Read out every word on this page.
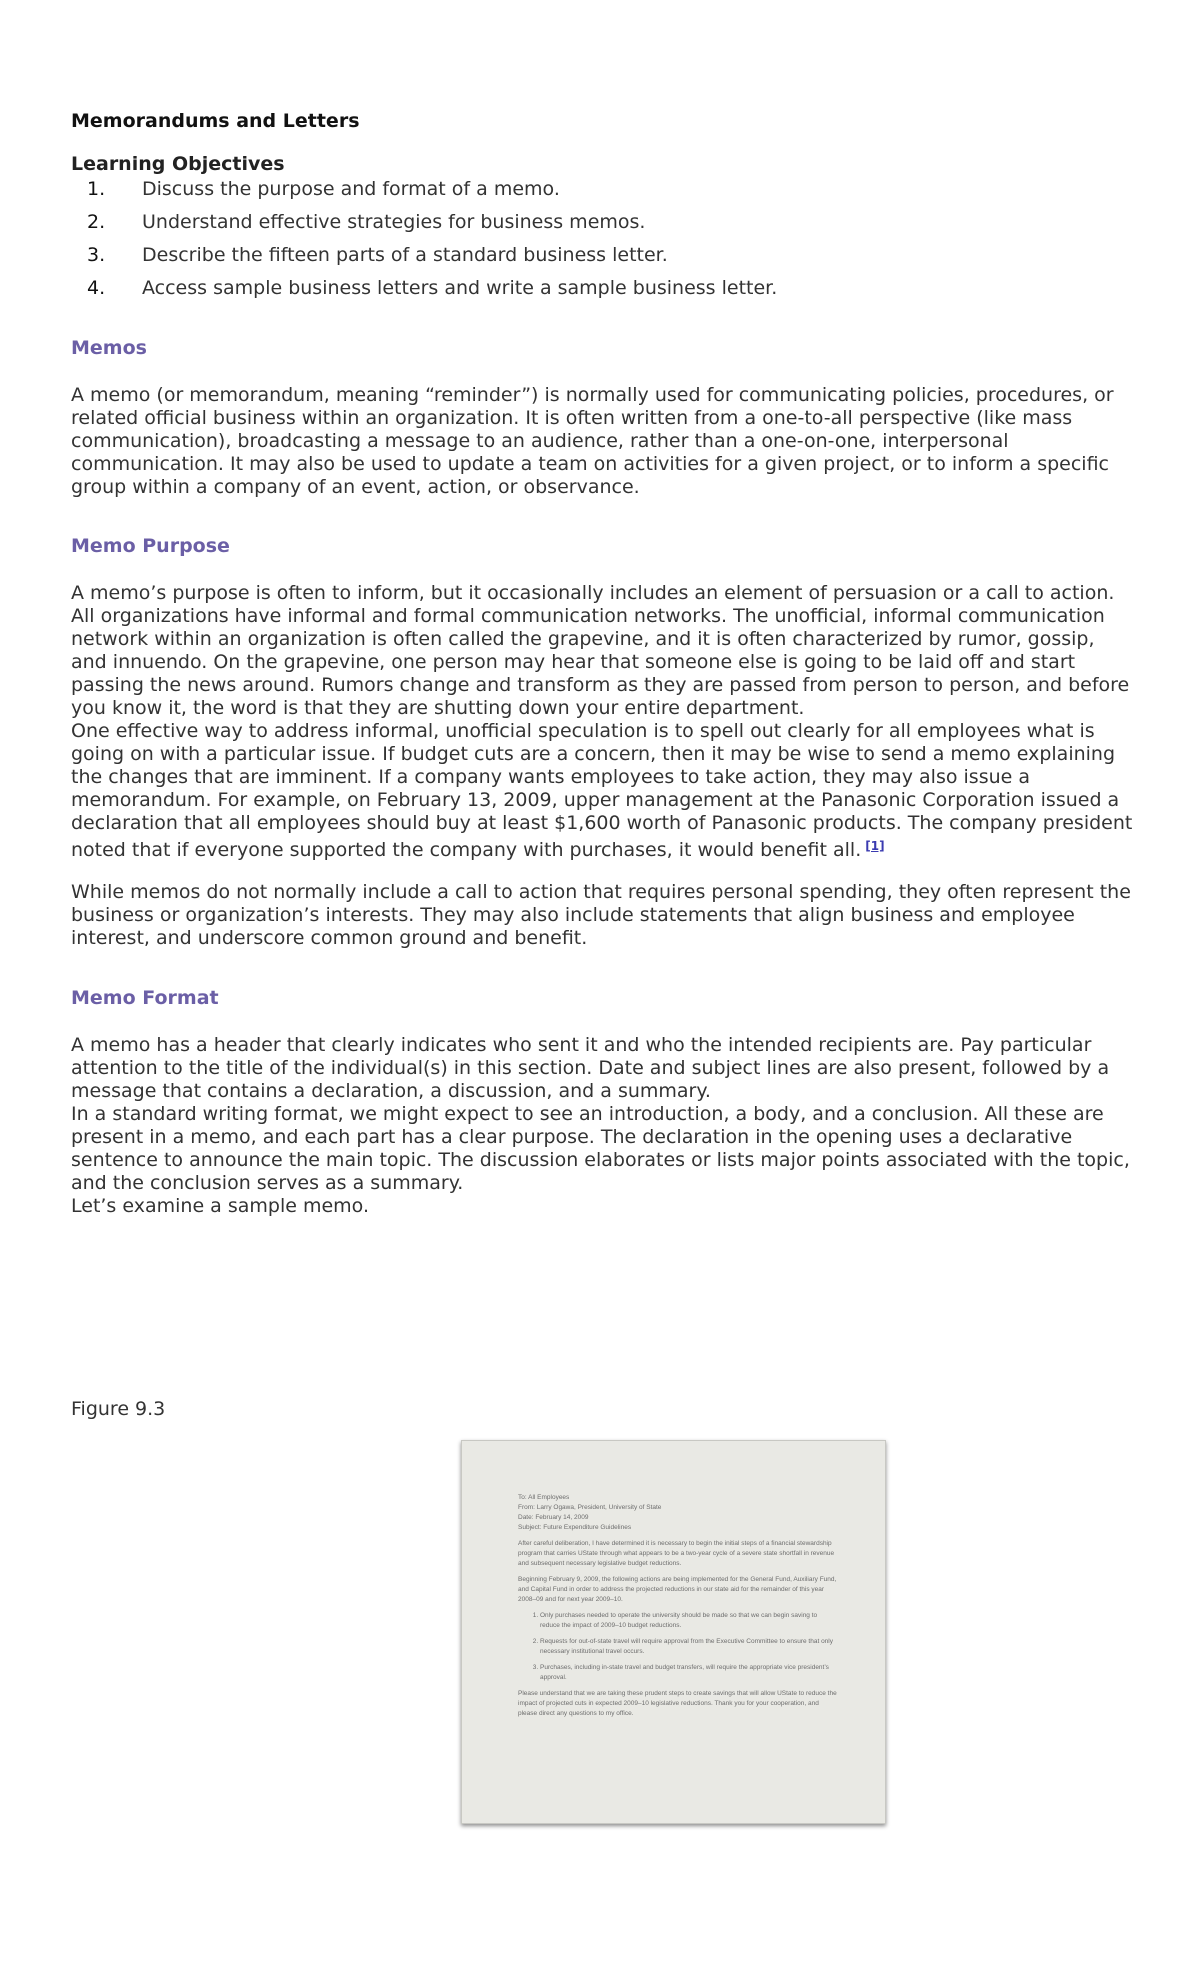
Memorandums and Letters
Learning Objectives
1. Discuss the purpose and format of a memo.
2. Understand effective strategies for business memos.
3. Describe the fifteen parts of a standard business letter.
4. Access sample business letters and write a sample business letter.
Memos

A memo (or memorandum, meaning “reminder”) is normally used for communicating policies, procedures, or related official business within an organization. It is often written from a one-to-all perspective (like mass communication), broadcasting a message to an audience, rather than a one-on-one, interpersonal communication. It may also be used to update a team on activities for a given project, or to inform a specific group within a company of an event, action, or observance.

Memo Purpose

A memo’s purpose is often to inform, but it occasionally includes an element of persuasion or a call to action. All organizations have informal and formal communication networks. The unofficial, informal communication network within an organization is often called the grapevine, and it is often characterized by rumor, gossip, and innuendo. On the grapevine, one person may hear that someone else is going to be laid off and start passing the news around. Rumors change and transform as they are passed from person to person, and before you know it, the word is that they are shutting down your entire department.

One effective way to address informal, unofficial speculation is to spell out clearly for all employees what is going on with a particular issue. If budget cuts are a concern, then it may be wise to send a memo explaining the changes that are imminent. If a company wants employees to take action, they may also issue a memorandum. For example, on February 13, 2009, upper management at the Panasonic Corporation issued a declaration that all employees should buy at least $1,600 worth of Panasonic products. The company president noted that if everyone supported the company with purchases, it would benefit all. [1]

While memos do not normally include a call to action that requires personal spending, they often represent the business or organization’s interests. They may also include statements that align business and employee interest, and underscore common ground and benefit.

Memo Format

A memo has a header that clearly indicates who sent it and who the intended recipients are. Pay particular attention to the title of the individual(s) in this section. Date and subject lines are also present, followed by a message that contains a declaration, a discussion, and a summary.

In a standard writing format, we might expect to see an introduction, a body, and a conclusion. All these are present in a memo, and each part has a clear purpose. The declaration in the opening uses a declarative sentence to announce the main topic. The discussion elaborates or lists major points associated with the topic, and the conclusion serves as a summary.

Let’s examine a sample memo.

Figure 9.3
To: All Employees
From: Larry Ogawa, President, University of State
Date: February 14, 2009
Subject: Future Expenditure Guidelines

After careful deliberation, I have determined it is necessary to begin the initial steps of a financial stewardship program that carries UState through what appears to be a two-year cycle of a severe state shortfall in revenue and subsequent necessary legislative budget reductions.

Beginning February 9, 2009, the following actions are being implemented for the General Fund, Auxiliary Fund, and Capital Fund in order to address the projected reductions in our state aid for the remainder of this year 2008–09 and for next year 2009–10.

1. Only purchases needed to operate the university should be made so that we can begin saving to reduce the impact of 2009–10 budget reductions.
2. Requests for out-of-state travel will require approval from the Executive Committee to ensure that only necessary institutional travel occurs.
3. Purchases, including in-state travel and budget transfers, will require the appropriate vice president’s approval.

Please understand that we are taking these prudent steps to create savings that will allow UState to reduce the impact of projected cuts in expected 2009–10 legislative reductions. Thank you for your cooperation, and please direct any questions to my office.
